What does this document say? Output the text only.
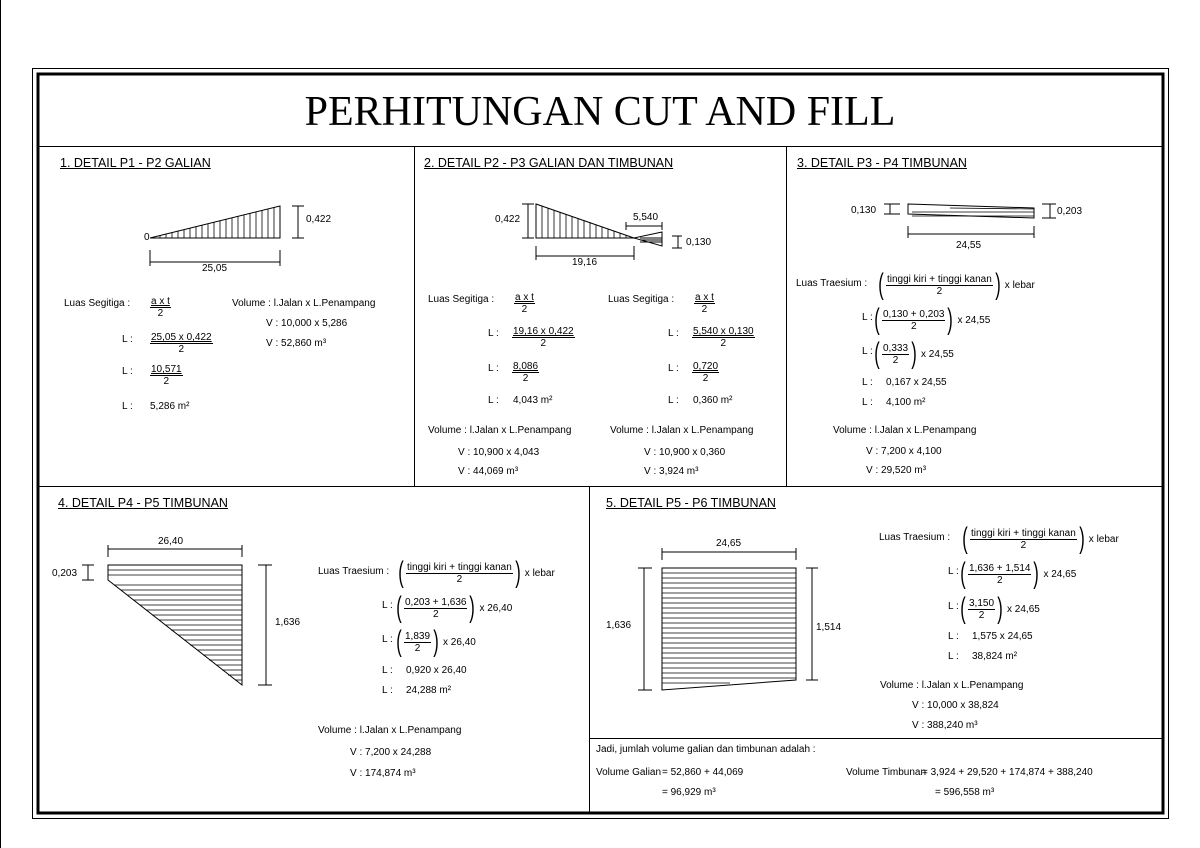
PERHITUNGAN CUT AND FILL
1. DETAIL P1 - P2 GALIAN
0
0,422
25,05
Luas Segitiga : $\frac{\text{a x t}}{2}$
L : $\frac{25,05 x 0,422}{2}$
L : $\frac{10,571}{2}$
L : 5,286 m²
Volume : l.Jalan x L.Penampang
V : 10,000 x 5,286
V : 52,860 m³
2. DETAIL P2 - P3 GALIAN DAN TIMBUNAN
0,422	5,540
0,130
19,16
Luas Segitiga : $\frac{\text{a x t}}{2}$
L : $\frac{19,16 x 0,422}{2}$
L : $\frac{8,086}{2}$
L : 4,043 m²
Volume : l.Jalan x L.Penampang
V : 10,900 x 4,043
V : 44,069 m³
Luas Segitiga : $\frac{\text{a x t}}{2}$
L : $\frac{5,540 x 0,130}{2}$
L : $\frac{0,720}{2}$
L : 0,360 m²
Volume : l.Jalan x L.Penampang
V : 10,900 x 0,360
V : 3,924 m³
3. DETAIL P3 - P4 TIMBUNAN
0,130	0,203
24,55
Luas Traesium : ( tinggi kiri + tinggi kanan
2 ) x lebar
L : ( $\frac{0,130 + 0,203}{2}$ ) x 24,55
L : ( $\frac{0,333}{2}$ ) x 24,55
L : 0,167 x 24,55
L : 4,100 m²
Volume : l.Jalan x L.Penampang
V : 7,200 x 4,100
V : 29,520 m³
4. DETAIL P4 - P5 TIMBUNAN
26,40
0,203
1,636
Luas Traesium : ( tinggi kiri + tinggi kanan
2 ) x lebar
L : ( $\frac{0,203 + 1,636}{2}$ ) x 26,40
L : ( $\frac{1,839}{2}$ ) x 26,40
L : 0,920 x 26,40
L : 24,288 m²
Volume : l.Jalan x L.Penampang
V : 7,200 x 24,288
V : 174,874 m³
5. DETAIL P5 - P6 TIMBUNAN
24,65
1,636	1,514
Luas Traesium : ( tinggi kiri + tinggi kanan
2 ) x lebar
L : ( $\frac{1,636 + 1,514}{2}$ ) x 24,65
L : ( $\frac{3,150}{2}$ ) x 24,65
L : 1,575 x 24,65
L : 38,824 m²
Volume : l.Jalan x L.Penampang
V : 10,000 x 38,824
V : 388,240 m³
Jadi, jumlah volume galian dan timbunan adalah :
Volume Galian = 52,860 + 44,069
= 96,929 m³
Volume Timbunan
= 3,924 + 29,520 + 174,874 + 388,240
= 596,558 m³
